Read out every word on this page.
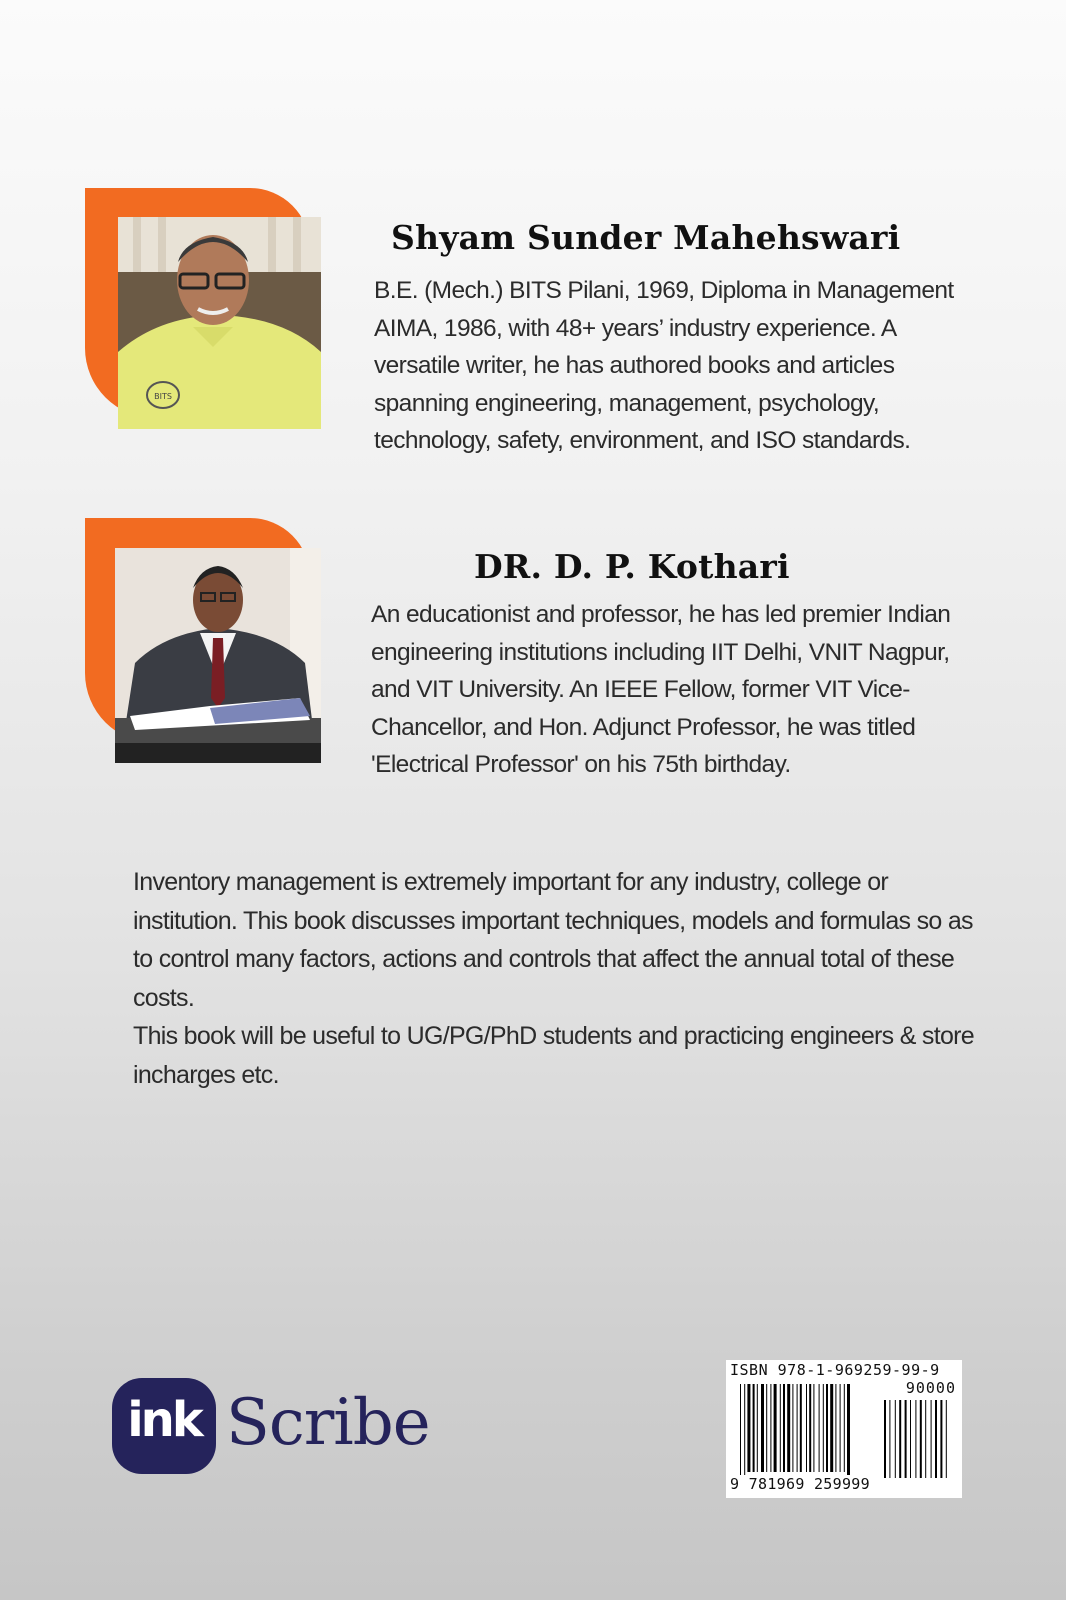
BITS
Shyam Sunder Mahehswari
B.E. (Mech.) BITS Pilani, 1969, Diploma in Management AIMA, 1986, with 48+ years’ industry experience. A versatile writer, he has authored books and articles spanning engineering, management, psychology, technology, safety, environment, and ISO standards.
DR. D. P. Kothari
An educationist and professor, he has led premier Indian engineering institutions including IIT Delhi, VNIT Nagpur, and VIT University. An IEEE Fellow, former VIT Vice-Chancellor, and Hon. Adjunct Professor, he was titled 'Electrical Professor' on his 75th birthday.

Inventory management is extremely important for any industry, college or institution. This book discusses important techniques, models and formulas so as to control many factors, actions and controls that affect the annual total of these costs.

This book will be useful to UG/PG/PhD students and practicing engineers & store incharges etc.

ink Scribe
ISBN 978-1-969259-99-9
90000
9 781969 259999
